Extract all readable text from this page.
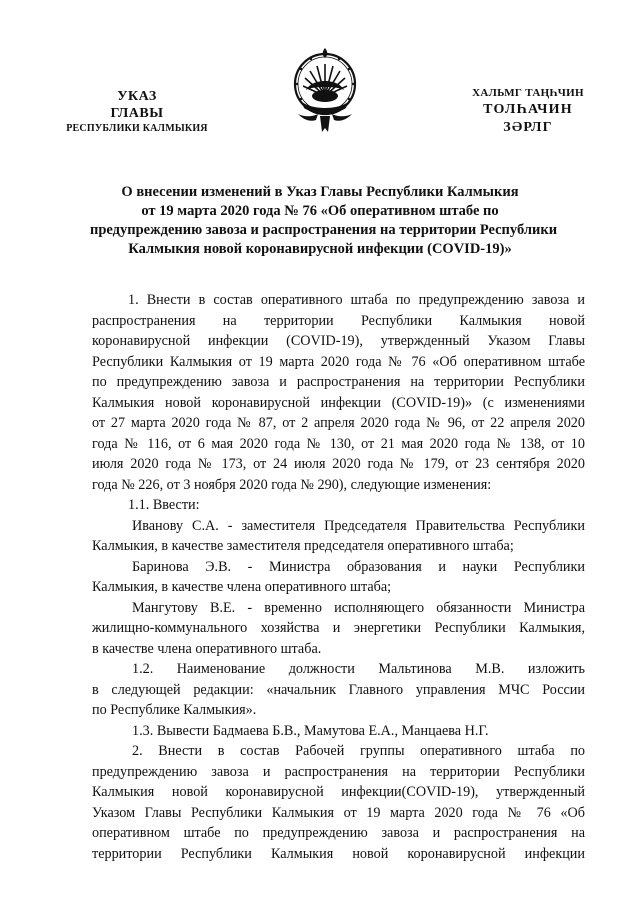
УКАЗ
ГЛАВЫ
РЕСПУБЛИКИ КАЛМЫКИЯ
ХАЛЬМГ ТАҢҺЧИН
ТОЛҺАЧИН
ЗӘРЛГ
О внесении изменений в Указ Главы Республики Калмыкия
от 19 марта 2020 года № 76 «Об оперативном штабе по
предупреждению завоза и распространения на территории Республики
Калмыкия новой коронавирусной инфекции (COVID-19)»
1. Внести в состав оперативного штаба по предупреждению завоза и
распространения на территории Республики Калмыкия новой
коронавирусной инфекции (COVID-19), утвержденный Указом Главы
Республики Калмыкия от 19 марта 2020 года № 76 «Об оперативном штабе
по предупреждению завоза и распространения на территории Республики
Калмыкия новой коронавирусной инфекции (COVID-19)» (с изменениями
от 27 марта 2020 года № 87, от 2 апреля 2020 года № 96, от 22 апреля 2020
года № 116, от 6 мая 2020 года № 130, от 21 мая 2020 года № 138, от 10
июля 2020 года № 173, от 24 июля 2020 года № 179, от 23 сентября 2020
года № 226, от 3 ноября 2020 года № 290), следующие изменения:
1.1. Ввести:
Иванову С.А. - заместителя Председателя Правительства Республики
Калмыкия, в качестве заместителя председателя оперативного штаба;
Баринова Э.В. - Министра образования и науки Республики
Калмыкия, в качестве члена оперативного штаба;
Мангутову В.Е. - временно исполняющего обязанности Министра
жилищно-коммунального хозяйства и энергетики Республики Калмыкия,
в качестве члена оперативного штаба.
1.2. Наименование должности Мальтинова М.В. изложить
в следующей редакции: «начальник Главного управления МЧС России
по Республике Калмыкия».
1.3. Вывести Бадмаева Б.В., Мамутова Е.А., Манцаева Н.Г.
2. Внести в состав Рабочей группы оперативного штаба по
предупреждению завоза и распространения на территории Республики
Калмыкия новой коронавирусной инфекции(COVID-19), утвержденный
Указом Главы Республики Калмыкия от 19 марта 2020 года № 76 «Об
оперативном штабе по предупреждению завоза и распространения на
территории Республики Калмыкия новой коронавирусной инфекции
